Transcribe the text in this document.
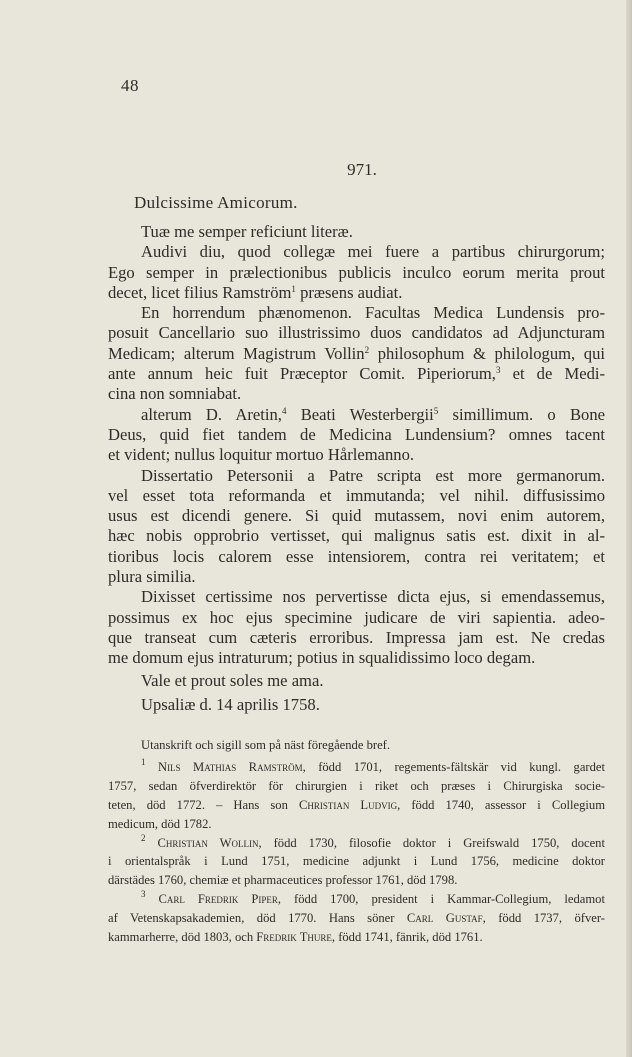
48
971.
Dulcissime Amicorum.
Tuæ me semper reficiunt literæ.
Audivi diu, quod collegæ mei fuere a partibus chirurgorum;
Ego semper in prælectionibus publicis inculco eorum merita prout
decet, licet filius Ramström$^1$ præsens audiat.
En horrendum phænomenon. Facultas Medica Lundensis pro-
posuit Cancellario suo illustrissimo duos candidatos ad Adjuncturam
Medicam; alterum Magistrum Vollin$^2$ philosophum & philologum, qui
ante annum heic fuit Præceptor Comit. Piperiorum,$^3$ et de Medi-
cina non somniabat.
alterum D. Aretin,$^4$ Beati Westerbergii$^5$ simillimum. o Bone
Deus, quid fiet tandem de Medicina Lundensium? omnes tacent
et vident; nullus loquitur mortuo Hårlemanno.
Dissertatio Petersonii a Patre scripta est more germanorum.
vel esset tota reformanda et immutanda; vel nihil. diffusissimo
usus est dicendi genere. Si quid mutassem, novi enim autorem,
hæc nobis opprobrio vertisset, qui malignus satis est. dixit in al-
tioribus locis calorem esse intensiorem, contra rei veritatem; et
plura similia.
Dixisset certissime nos pervertisse dicta ejus, si emendassemus,
possimus ex hoc ejus specimine judicare de viri sapientia. adeo-
que transeat cum cæteris erroribus. Impressa jam est. Ne credas
me domum ejus intraturum; potius in squalidissimo loco degam.
Vale et prout soles me ama.
Upsaliæ d. 14 aprilis 1758.
Utanskrift och sigill som på näst föregående bref.
$^1$ Nils Mathias Ramström, född 1701, regements-fältskär vid kungl. gardet
1757, sedan öfverdirektör för chirurgien i riket och præses i Chirurgiska socie-
teten, död 1772. – Hans son Christian Ludvig, född 1740, assessor i Collegium
medicum, död 1782.
$^2$ Christian Wollin, född 1730, filosofie doktor i Greifswald 1750, docent
i orientalspråk i Lund 1751, medicine adjunkt i Lund 1756, medicine doktor
därstädes 1760, chemiæ et pharmaceutices professor 1761, död 1798.
$^3$ Carl Fredrik Piper, född 1700, president i Kammar-Collegium, ledamot
af Vetenskapsakademien, död 1770. Hans söner Carl Gustaf, född 1737, öfver-
kammarherre, död 1803, och Fredrik Thure, född 1741, fänrik, död 1761.
